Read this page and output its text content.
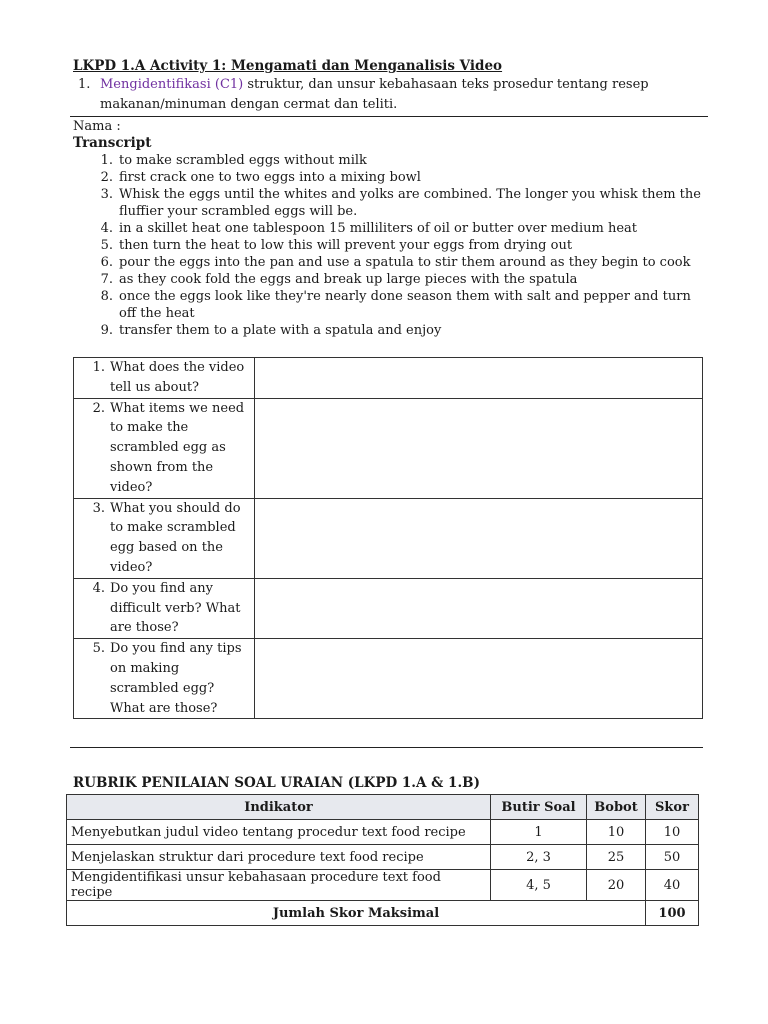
LKPD 1.A Activity 1: Mengamati dan Menganalisis Video
1. Mengidentifikasi (C1) struktur, dan unsur kebahasaan teks prosedur tentang resep
makanan/minuman dengan cermat dan teliti.
Nama :
Transcript
1. to make scrambled eggs without milk
2. first crack one to two eggs into a mixing bowl
3. Whisk the eggs until the whites and yolks are combined. The longer you whisk them the fluffier your scrambled eggs will be.
4. in a skillet heat one tablespoon 15 milliliters of oil or butter over medium heat
5. then turn the heat to low this will prevent your eggs from drying out
6. pour the eggs into the pan and use a spatula to stir them around as they begin to cook
7. as they cook fold the eggs and break up large pieces with the spatula
8. once the eggs look like they're nearly done season them with salt and pepper and turn off the heat
9. transfer them to a plate with a spatula and enjoy
1. What does the video tell us about?	

2. What items we need to make the scrambled egg as shown from the video?	

3. What you should do to make scrambled egg based on the video?	

4. Do you find any difficult verb? What are those?	

5. Do you find any tips on making scrambled egg? What are those?	

RUBRIK PENILAIAN SOAL URAIAN (LKPD 1.A & 1.B)
Indikator	Butir Soal	Bobot	Skor
Menyebutkan judul video tentang procedur text food recipe	1	10	10
Menjelaskan struktur dari procedure text food recipe	2, 3	25	50
Mengidentifikasi unsur kebahasaan procedure text food recipe	4, 5	20	40
Jumlah Skor Maksimal			100
